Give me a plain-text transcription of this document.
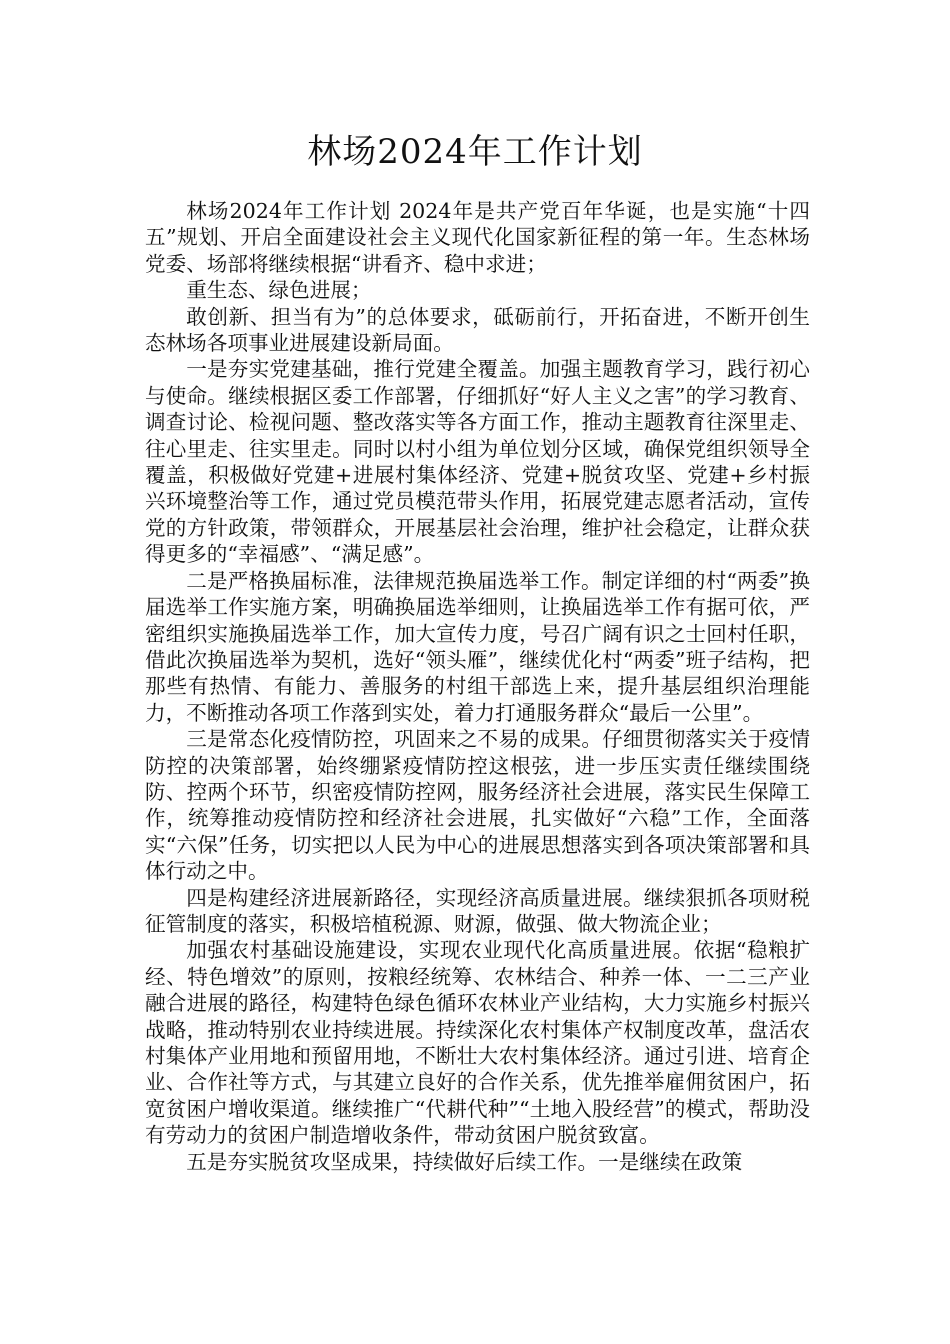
林场2024年工作计划

林场2024年工作计划 2024年是共产党百年华诞，也是实施“十四五”规划、开启全面建设社会主义现代化国家新征程的第一年。生态林场党委、场部将继续根据“讲看齐、稳中求进；

重生态、绿色进展；

敢创新、担当有为”的总体要求，砥砺前行，开拓奋进，不断开创生态林场各项事业进展建设新局面。

一是夯实党建基础，推行党建全覆盖。加强主题教育学习，践行初心与使命。继续根据区委工作部署，仔细抓好“好人主义之害”的学习教育、调查讨论、检视问题、整改落实等各方面工作，推动主题教育往深里走、往心里走、往实里走。同时以村小组为单位划分区域，确保党组织领导全覆盖，积极做好党建+进展村集体经济、党建+脱贫攻坚、党建+乡村振兴环境整治等工作，通过党员模范带头作用，拓展党建志愿者活动，宣传党的方针政策，带领群众，开展基层社会治理，维护社会稳定，让群众获得更多的“幸福感”、“满足感”。

二是严格换届标准，法律规范换届选举工作。制定详细的村“两委”换届选举工作实施方案，明确换届选举细则，让换届选举工作有据可依，严密组织实施换届选举工作，加大宣传力度，号召广阔有识之士回村任职，借此次换届选举为契机，选好“领头雁”，继续优化村“两委”班子结构，把那些有热情、有能力、善服务的村组干部选上来，提升基层组织治理能力，不断推动各项工作落到实处，着力打通服务群众“最后一公里”。

三是常态化疫情防控，巩固来之不易的成果。仔细贯彻落实关于疫情防控的决策部署，始终绷紧疫情防控这根弦，进一步压实责任继续围绕防、控两个环节，织密疫情防控网，服务经济社会进展，落实民生保障工作，统筹推动疫情防控和经济社会进展，扎实做好“六稳”工作，全面落实“六保”任务，切实把以人民为中心的进展思想落实到各项决策部署和具体行动之中。

四是构建经济进展新路径，实现经济高质量进展。继续狠抓各项财税征管制度的落实，积极培植税源、财源，做强、做大物流企业；

加强农村基础设施建设，实现农业现代化高质量进展。依据“稳粮扩经、特色增效”的原则，按粮经统筹、农林结合、种养一体、一二三产业融合进展的路径，构建特色绿色循环农林业产业结构，大力实施乡村振兴战略，推动特别农业持续进展。持续深化农村集体产权制度改革，盘活农村集体产业用地和预留用地，不断壮大农村集体经济。通过引进、培育企业、合作社等方式，与其建立良好的合作关系，优先推举雇佣贫困户，拓宽贫困户增收渠道。继续推广“代耕代种”“土地入股经营”的模式，帮助没有劳动力的贫困户制造增收条件，带动贫困户脱贫致富。

五是夯实脱贫攻坚成果，持续做好后续工作。一是继续在政策
